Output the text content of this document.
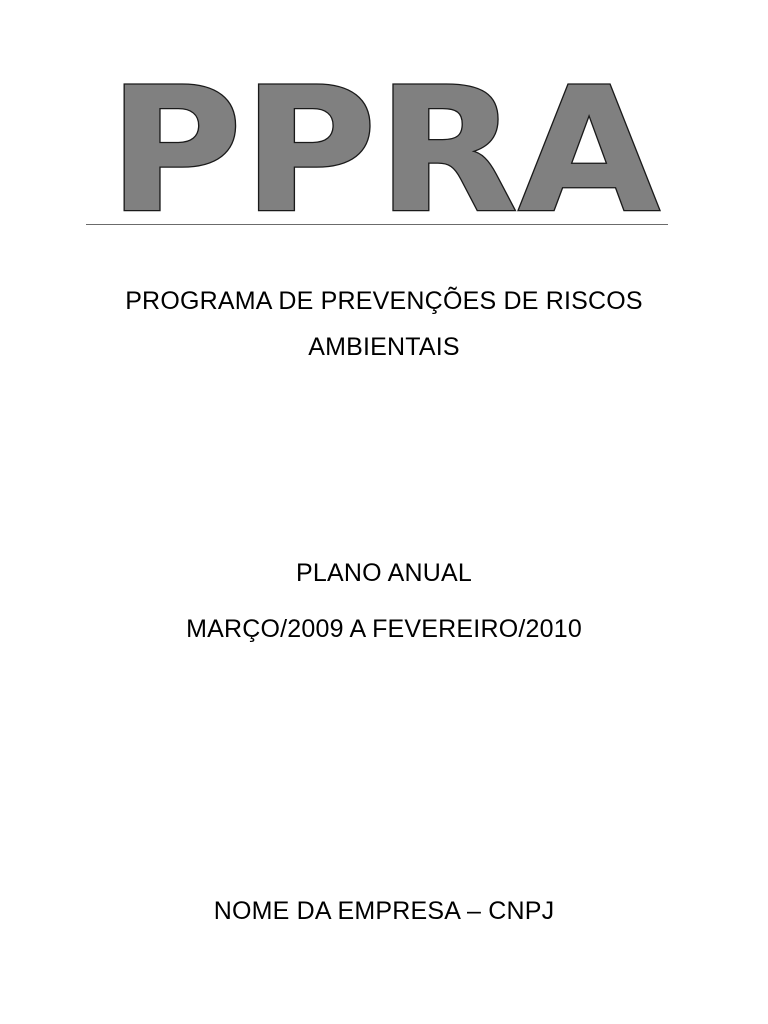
PPRA
PROGRAMA DE PREVENÇÕES DE RISCOS
AMBIENTAIS
PLANO ANUAL
MARÇO/2009 A FEVEREIRO/2010
NOME DA EMPRESA – CNPJ
